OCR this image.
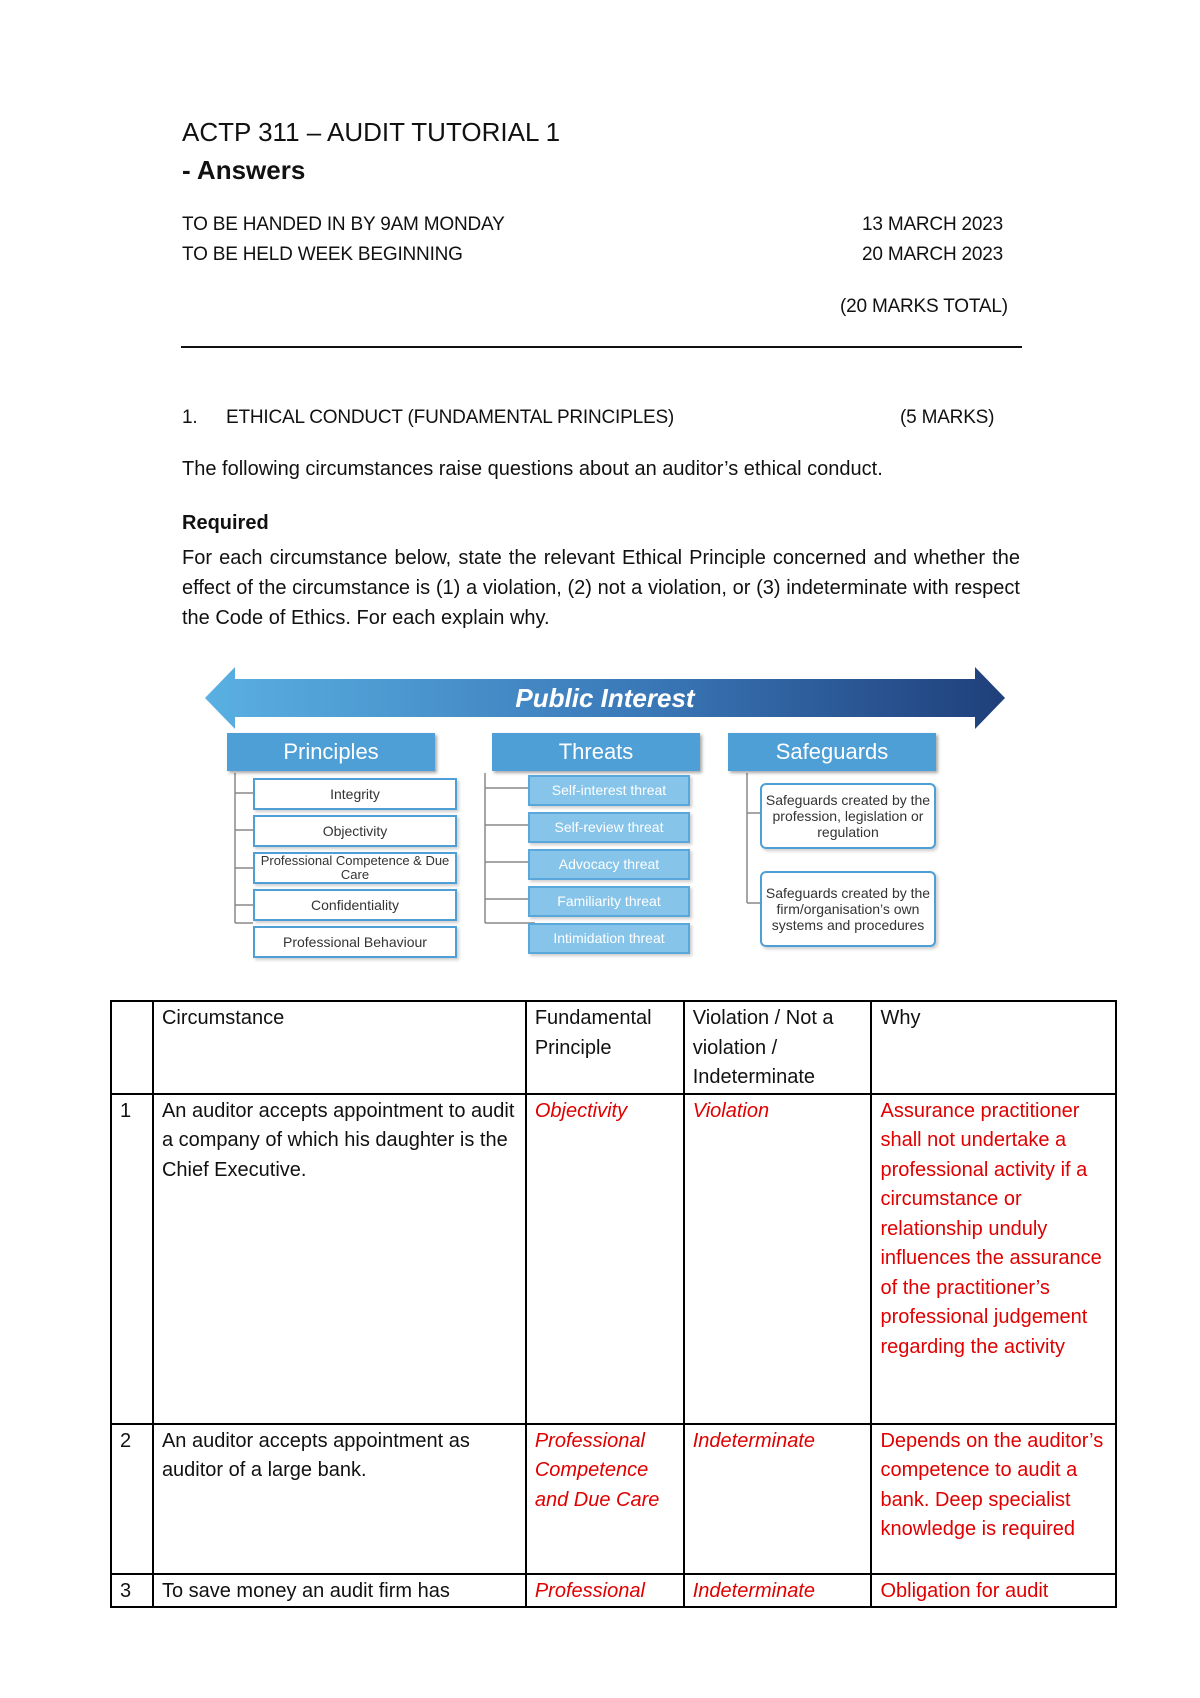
ACTP 311 – AUDIT TUTORIAL 1
- Answers
TO BE HANDED IN BY 9AM MONDAY	13 MARCH 2023
TO BE HELD WEEK BEGINNING	20 MARCH 2023
(20 MARKS TOTAL)
1. ETHICAL CONDUCT (FUNDAMENTAL PRINCIPLES)	(5 MARKS)
The following circumstances raise questions about an auditor’s ethical conduct.
Required
For each circumstance below, state the relevant Ethical Principle concerned and whether the effect of the circumstance is (1) a violation, (2) not a violation, or (3) indeterminate with respect the Code of Ethics. For each explain why.
Public Interest
Principles	Threats	Safeguards
Integrity
Objectivity
Professional Competence & Due Care
Confidentiality
Professional Behaviour
Self-interest threat
Self-review threat
Advocacy threat
Familiarity threat
Intimidation threat
Safeguards created by the profession, legislation or regulation
Safeguards created by the firm/organisation’s own systems and procedures
	Circumstance	Fundamental Principle	Violation / Not a violation / Indeterminate	Why
1	An auditor accepts appointment to audit a company of which his daughter is the Chief Executive.	Objectivity	Violation	Assurance practitioner shall not undertake a professional activity if a circumstance or relationship unduly influences the assurance of the practitioner’s professional judgement regarding the activity
2	An auditor accepts appointment as auditor of a large bank.	Professional Competence and Due Care	Indeterminate	Depends on the auditor’s competence to audit a bank. Deep specialist knowledge is required
3	To save money an audit firm has	Professional	Indeterminate	Obligation for audit
